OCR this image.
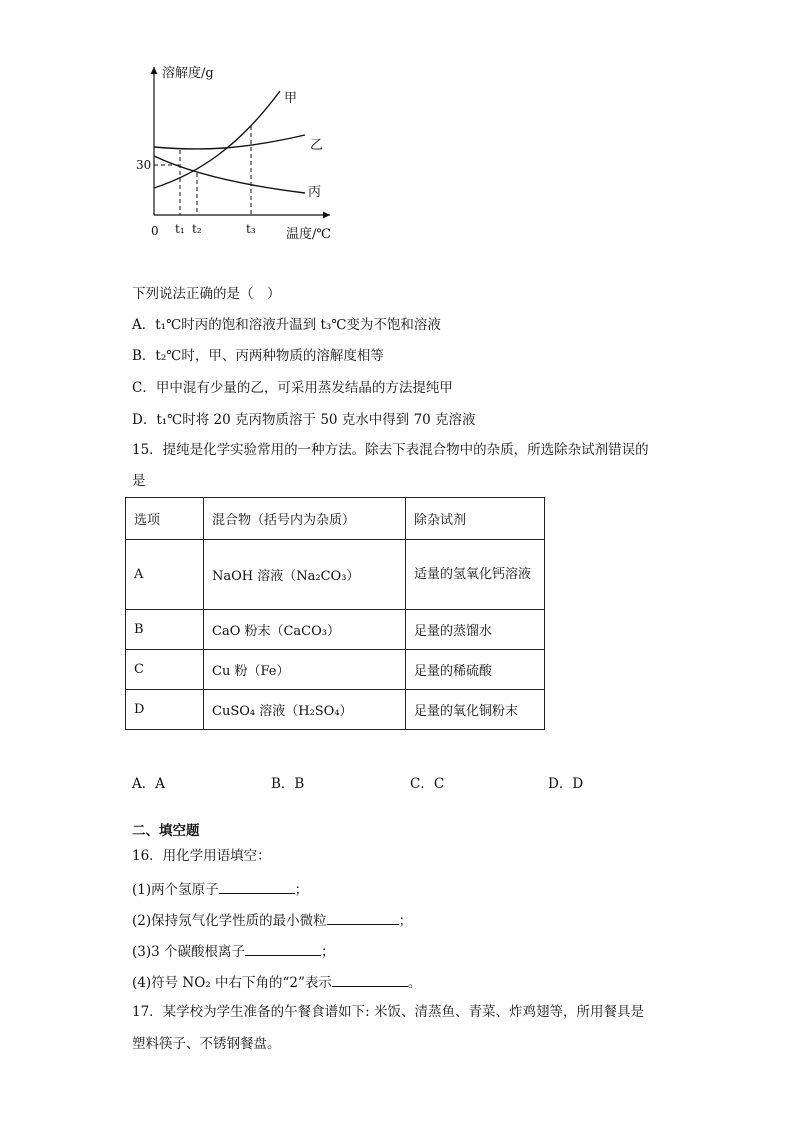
溶解度/g
温度/℃
0
30
t₁ t₂	t₃
甲
乙
丙
下列说法正确的是（　）
A．t₁℃时丙的饱和溶液升温到 t₃℃变为不饱和溶液
B．t₂℃时，甲、丙两种物质的溶解度相等
C．甲中混有少量的乙，可采用蒸发结晶的方法提纯甲
D．t₁℃时将 20 克丙物质溶于 50 克水中得到 70 克溶液
15．提纯是化学实验常用的一种方法。除去下表混合物中的杂质，所选除杂试剂错误的
是
选项	混合物（括号内为杂质）	除杂试剂
A	NaOH 溶液（Na₂CO₃）	适量的氢氧化钙溶液
B	CaO 粉末（CaCO₃）	足量的蒸馏水
C	Cu 粉（Fe）	足量的稀硫酸
D	CuSO₄ 溶液（H₂SO₄）	足量的氧化铜粉末
A．A	B．B	C．C	D．D
二、填空题
16．用化学用语填空：
(1)两个氢原子	；
(2)保持氖气化学性质的最小微粒	；
(3)3 个碳酸根离子	；
(4)符号 NO₂ 中右下角的“2”表示	。
17．某学校为学生准备的午餐食谱如下: 米饭、清蒸鱼、青菜、炸鸡翅等，所用餐具是
塑料筷子、不锈钢餐盘。
